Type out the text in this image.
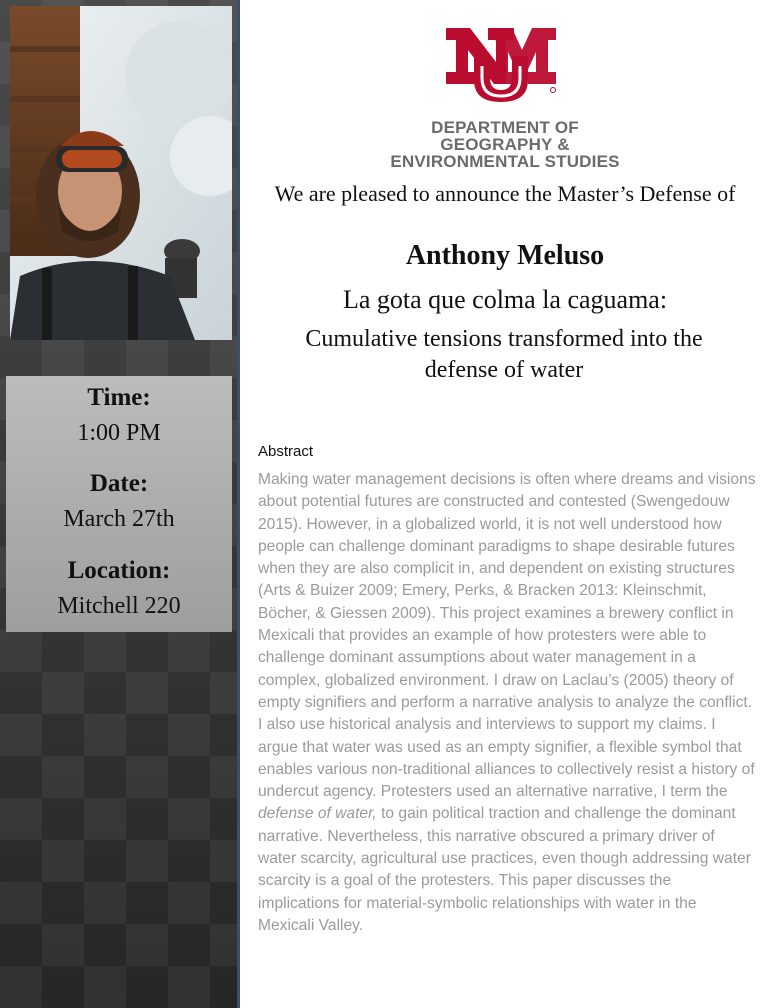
Time:
1:00 PM
Date:
March 27th
Location:
Mitchell 220
DEPARTMENT OF
GEOGRAPHY &
ENVIRONMENTAL STUDIES
We are pleased to announce the Master’s Defense of
Anthony Meluso
La gota que colma la caguama:
Cumulative tensions transformed into the defense of water
Abstract
Making water management decisions is often where dreams and visions about potential futures are constructed and contested (Swengedouw 2015). However, in a globalized world, it is not well understood how people can challenge dominant paradigms to shape desirable futures when they are also complicit in, and dependent on existing structures (Arts & Buizer 2009; Emery, Perks, & Bracken 2013: Kleinschmit, Böcher, & Giessen 2009). This project examines a brewery conflict in Mexicali that provides an example of how protesters were able to challenge dominant assumptions about water management in a complex, globalized environment. I draw on Laclau’s (2005) theory of empty signifiers and perform a narrative analysis to analyze the conflict. I also use historical analysis and interviews to support my claims. I argue that water was used as an empty signifier, a flexible symbol that enables various non-traditional alliances to collectively resist a history of undercut agency. Protesters used an alternative narrative, I term the defense of water, to gain political traction and challenge the dominant narrative. Nevertheless, this narrative obscured a primary driver of water scarcity, agricultural use practices, even though addressing water scarcity is a goal of the protesters. This paper discusses the implications for material-symbolic relationships with water in the Mexicali Valley.
